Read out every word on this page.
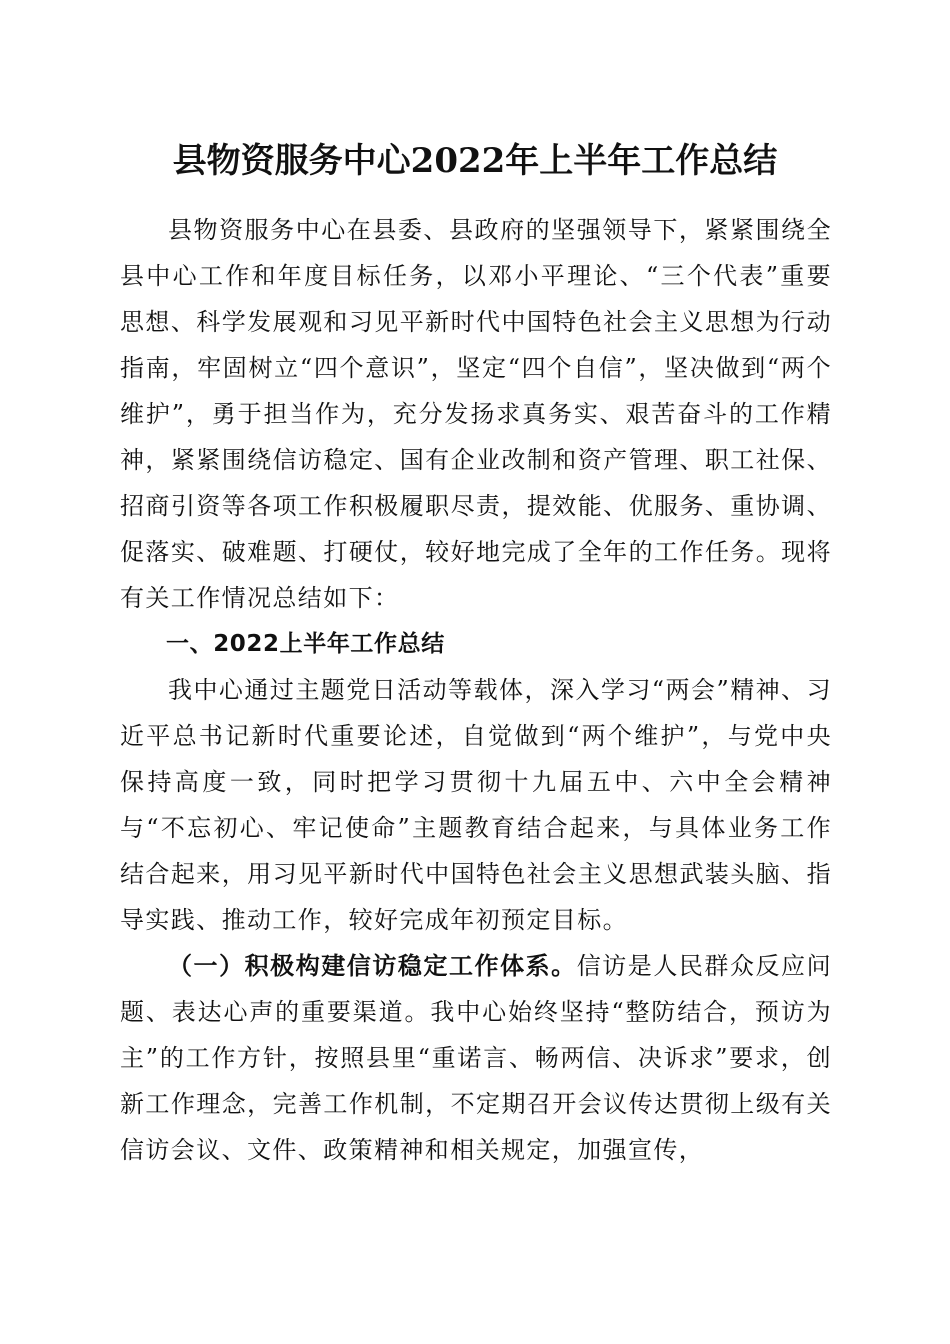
县物资服务中心2022年上半年工作总结

县物资服务中心在县委、县政府的坚强领导下，紧紧围绕全县中心工作和年度目标任务，以邓小平理论、“三个代表”重要思想、科学发展观和习见平新时代中国特色社会主义思想为行动指南，牢固树立“四个意识”，坚定“四个自信”，坚决做到“两个维护”，勇于担当作为，充分发扬求真务实、艰苦奋斗的工作精神，紧紧围绕信访稳定、国有企业改制和资产管理、职工社保、招商引资等各项工作积极履职尽责，提效能、优服务、重协调、促落实、破难题、打硬仗，较好地完成了全年的工作任务。现将有关工作情况总结如下：

一、2022上半年工作总结

我中心通过主题党日活动等载体，深入学习“两会”精神、习近平总书记新时代重要论述，自觉做到“两个维护”，与党中央保持高度一致，同时把学习贯彻十九届五中、六中全会精神与“不忘初心、牢记使命”主题教育结合起来，与具体业务工作结合起来，用习见平新时代中国特色社会主义思想武装头脑、指导实践、推动工作，较好完成年初预定目标。

（一）积极构建信访稳定工作体系。信访是人民群众反应问题、表达心声的重要渠道。我中心始终坚持“整防结合，预访为主”的工作方针，按照县里“重诺言、畅两信、决诉求”要求，创新工作理念，完善工作机制，不定期召开会议传达贯彻上级有关信访会议、文件、政策精神和相关规定，加强宣传，
